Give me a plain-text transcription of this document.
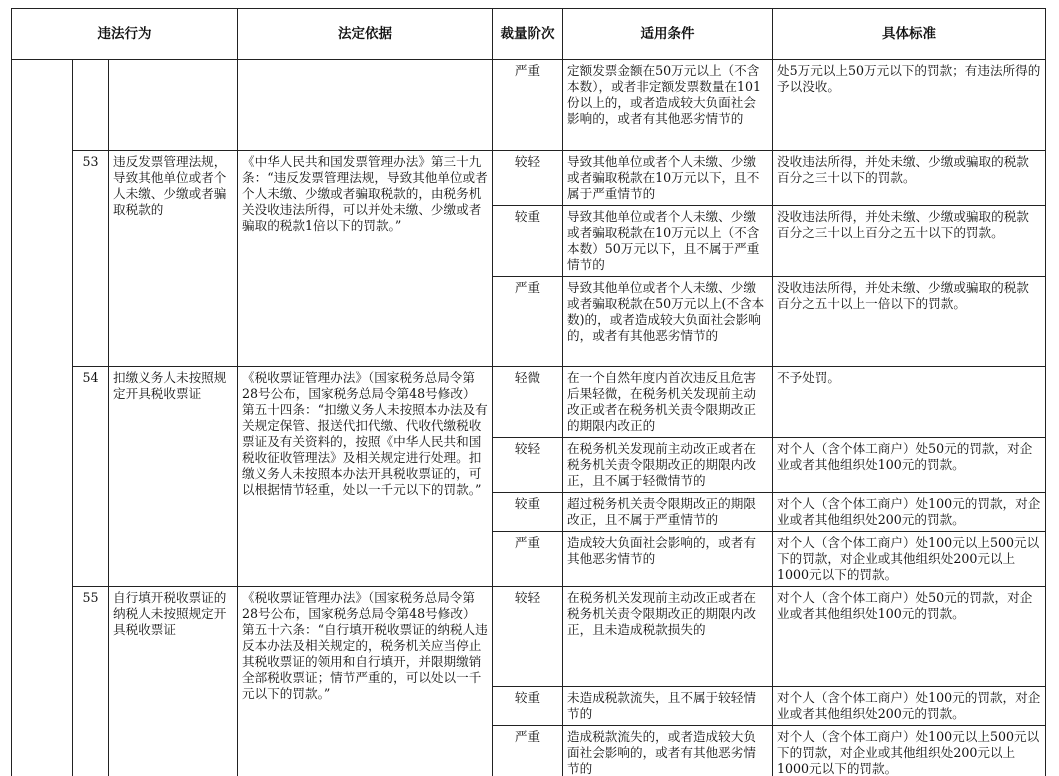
违法行为			法定依据	裁量阶次	适用条件	具体标准
				严重	定额发票金额在50万元以上（不含本数），或者非定额发票数量在101份以上的，或者造成较大负面社会影响的，或者有其他恶劣情节的	处5万元以上50万元以下的罚款；有违法所得的予以没收。
	53	违反发票管理法规，导致其他单位或者个人未缴、少缴或者骗取税款的	《中华人民共和国发票管理办法》第三十九条：“违反发票管理法规，导致其他单位或者个人未缴、少缴或者骗取税款的，由税务机关没收违法所得，可以并处未缴、少缴或者骗取的税款1倍以下的罚款。”	较轻	导致其他单位或者个人未缴、少缴或者骗取税款在10万元以下，且不属于严重情节的	没收违法所得，并处未缴、少缴或骗取的税款百分之三十以下的罚款。
				较重	导致其他单位或者个人未缴、少缴或者骗取税款在10万元以上（不含本数）50万元以下，且不属于严重情节的	没收违法所得，并处未缴、少缴或骗取的税款百分之三十以上百分之五十以下的罚款。
				严重	导致其他单位或者个人未缴、少缴或者骗取税款在50万元以上(不含本数)的，或者造成较大负面社会影响的，或者有其他恶劣情节的	没收违法所得，并处未缴、少缴或骗取的税款百分之五十以上一倍以下的罚款。
	54	扣缴义务人未按照规定开具税收票证	《税收票证管理办法》（国家税务总局令第28号公布，国家税务总局令第48号修改）第五十四条：“扣缴义务人未按照本办法及有关规定保管、报送代扣代缴、代收代缴税收票证及有关资料的，按照《中华人民共和国税收征收管理法》及相关规定进行处理。扣缴义务人未按照本办法开具税收票证的，可以根据情节轻重，处以一千元以下的罚款。”	轻微	在一个自然年度内首次违反且危害后果轻微，在税务机关发现前主动改正或者在税务机关责令限期改正的期限内改正的	不予处罚。
				较轻	在税务机关发现前主动改正或者在税务机关责令限期改正的期限内改正，且不属于轻微情节的	对个人（含个体工商户）处50元的罚款，对企业或者其他组织处100元的罚款。
				较重	超过税务机关责令限期改正的期限改正，且不属于严重情节的	对个人（含个体工商户）处100元的罚款，对企业或者其他组织处200元的罚款。
				严重	造成较大负面社会影响的，或者有其他恶劣情节的	对个人（含个体工商户）处100元以上500元以下的罚款，对企业或其他组织处200元以上1000元以下的罚款。
	55	自行填开税收票证的纳税人未按照规定开具税收票证	《税收票证管理办法》（国家税务总局令第28号公布，国家税务总局令第48号修改）第五十六条：“自行填开税收票证的纳税人违反本办法及相关规定的，税务机关应当停止其税收票证的领用和自行填开，并限期缴销全部税收票证；情节严重的，可以处以一千元以下的罚款。”	较轻	在税务机关发现前主动改正或者在税务机关责令限期改正的期限内改正，且未造成税款损失的	对个人（含个体工商户）处50元的罚款，对企业或者其他组织处100元的罚款。
				较重	未造成税款流失，且不属于较轻情节的	对个人（含个体工商户）处100元的罚款，对企业或者其他组织处200元的罚款。
				严重	造成税款流失的，或者造成较大负面社会影响的，或者有其他恶劣情节的	对个人（含个体工商户）处100元以上500元以下的罚款，对企业或其他组织处200元以上1000元以下的罚款。
